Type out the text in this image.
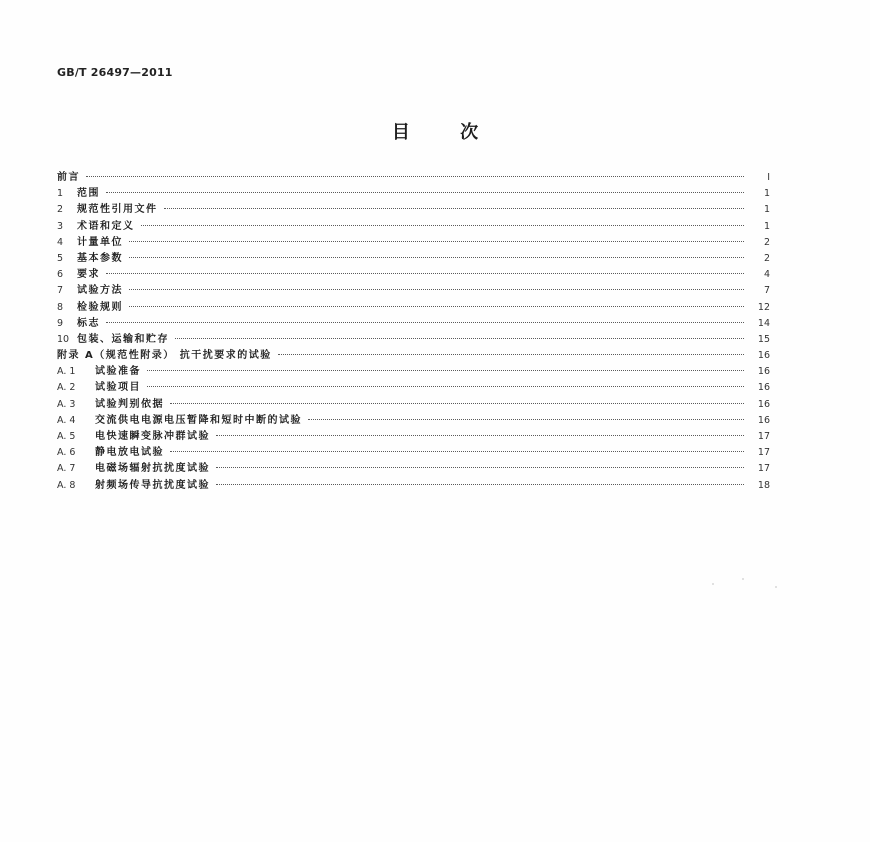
GB/T 26497—2011
目 次
前言	I
1	范围	1
2	规范性引用文件	1
3	术语和定义	1
4	计量单位	2
5	基本参数	2
6	要求	4
7	试验方法	7
8	检验规则	12
9	标志	14
10 包装、运输和贮存	15
附录 A（规范性附录） 抗干扰要求的试验	16
A. 1	试验准备	16
A. 2	试验项目	16
A. 3	试验判别依据	16
A. 4	交流供电电源电压暂降和短时中断的试验	16
A. 5	电快速瞬变脉冲群试验	17
A. 6	静电放电试验	17
A. 7	电磁场辐射抗扰度试验	17
A. 8	射频场传导抗扰度试验	18
